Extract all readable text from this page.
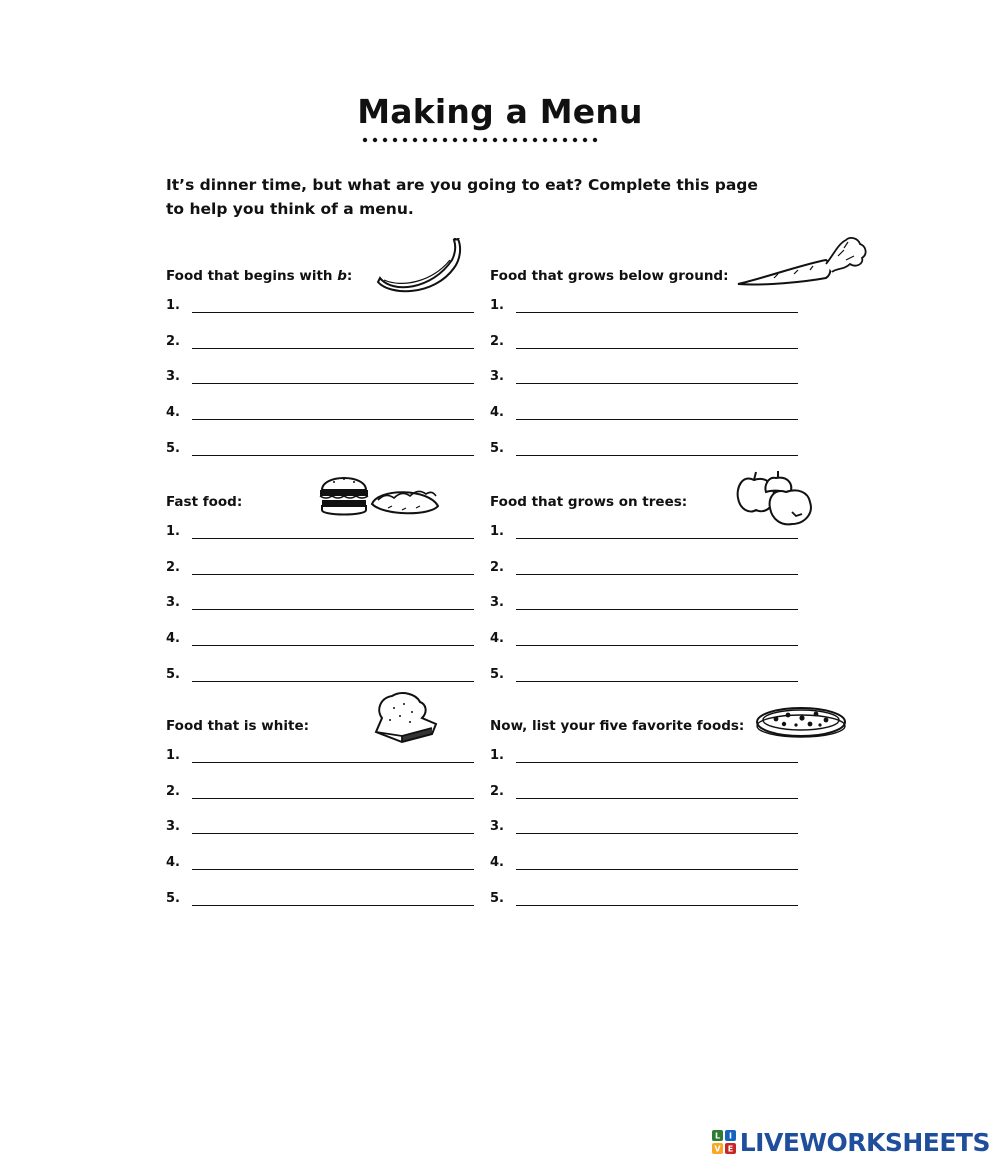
Making a Menu
It’s dinner time, but what are you going to eat? Complete this page
to help you think of a menu.
Food that begins with b:
1.
2.
3.
4.
5.
Food that grows below ground:
1.
2.
3.
4.
5.
Fast food:
1.
2.
3.
4.
5.
Food that grows on trees:
1.
2.
3.
4.
5.
Food that is white:
1.
2.
3.
4.
5.
Now, list your five favorite foods:
1.
2.
3.
4.
5.
L I
V E LIVEWORKSHEETS
